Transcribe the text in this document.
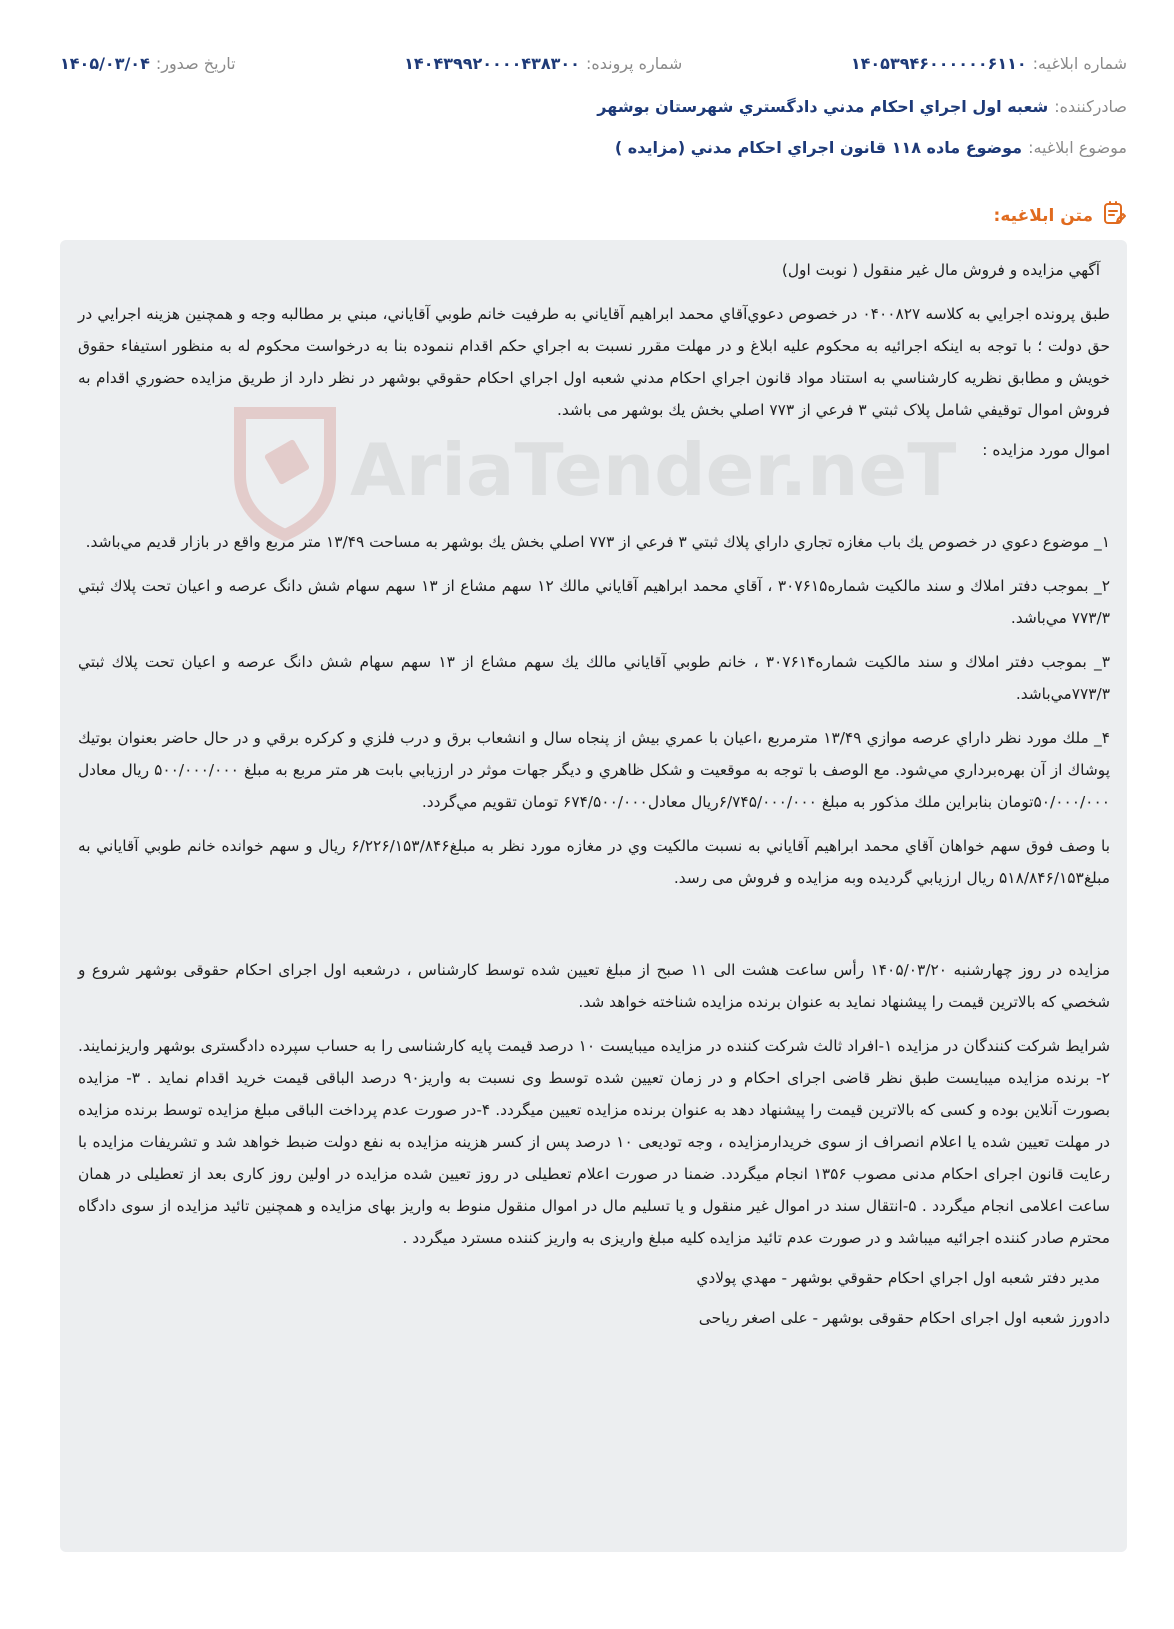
شماره ابلاغيه:
۱۴۰۵۳۹۴۶۰۰۰۰۰۰۶۱۱۰
شماره پرونده:
۱۴۰۴۳۹۹۲۰۰۰۰۴۳۸۳۰۰
تاريخ صدور:
۱۴۰۵/۰۳/۰۴
صادرکننده:
شعبه اول اجراي احکام مدني دادگستري شهرستان بوشهر
موضوع ابلاغيه:
موضوع ماده ۱۱۸ قانون اجراي احکام مدني (مزايده )
متن ابلاغيه:

آگهي مزايده و فروش مال غير منقول ( نوبت اول)

طبق پرونده اجرايي به کلاسه ۰۴۰۰۸۲۷ در خصوص دعوي‌آقاي محمد ابراهيم آقاياني به طرفيت خانم طوبي آقاياني، مبني بر مطالبه وجه و همچنين هزينه اجرايي در حق دولت ؛ با توجه به اينکه اجرائيه به محکوم عليه ابلاغ و در مهلت مقرر نسبت به اجراي حکم اقدام ننموده بنا به درخواست محکوم له به منظور استيفاء حقوق خويش و مطابق نظريه کارشناسي به استناد مواد قانون اجراي احکام مدني شعبه اول اجراي احکام حقوقي بوشهر در نظر دارد از طريق مزايده حضوري اقدام به فروش اموال توقيفي شامل پلاک ثبتي ۳ فرعي از ۷۷۳ اصلي بخش يك بوشهر مى باشد.

اموال مورد مزايده :

۱_ موضوع دعوي در خصوص يك باب مغازه تجاري داراي پلاك ثبتي ۳ فرعي از ۷۷۳ اصلي بخش يك بوشهر به مساحت ۱۳/۴۹ متر مربع واقع در بازار قديم مي‌باشد.

۲_ بموجب دفتر املاك و سند مالكيت شماره۳۰۷۶۱۵ ، آقاي محمد ابراهيم آقاياني مالك ۱۲ سهم مشاع از ۱۳ سهم سهام شش دانگ عرصه و اعيان تحت پلاك ثبتي ۷۷۳/۳ مي‌باشد.

۳_ بموجب دفتر املاك و سند مالكيت شماره۳۰۷۶۱۴ ، خانم طوبي آقاياني مالك يك سهم مشاع از ۱۳ سهم سهام شش دانگ عرصه و اعيان تحت پلاك ثبتي ۷۷۳/۳مي‌باشد.

۴_ ملك مورد نظر داراي عرصه موازي ۱۳/۴۹ مترمربع ،اعيان با عمري بيش از پنجاه سال و انشعاب برق و درب فلزي و كركره برقي و در حال حاضر بعنوان بوتيك پوشاك از آن بهره‌برداري مي‌شود. مع الوصف با توجه به موقعيت و شكل ظاهري و ديگر جهات موثر در ارزيابي بابت هر متر مربع به مبلغ ۵۰۰/۰۰۰/۰۰۰ ريال معادل ۵۰/۰۰۰/۰۰۰تومان بنابراين ملك مذكور به مبلغ ۶/۷۴۵/۰۰۰/۰۰۰ريال معادل۶۷۴/۵۰۰/۰۰۰ تومان تقويم مي‌گردد.

با وصف فوق سهم خواهان آقاي محمد ابراهيم آقاياني به نسبت مالكيت وي در مغازه مورد نظر به مبلغ۶/۲۲۶/۱۵۳/۸۴۶ ريال و سهم خوانده خانم طوبي آقاياني به مبلغ۵۱۸/۸۴۶/۱۵۳ ريال ارزيابي گرديده وبه مزايده و فروش مى رسد.

مزایده در روز چهارشنبه ۱۴۰۵/۰۳/۲۰ رأس ساعت هشت الی ۱۱ صبح از مبلغ تعیین شده توسط کارشناس ، درشعبه اول اجرای احکام حقوقی بوشهر شروع و شخصي كه بالاترين قيمت را پيشنهاد نمايد به عنوان برنده مزايده شناخته خواهد شد.

شرايط شرکت کنندگان در مزايده ۱-افراد ثالث شرکت کننده در مزايده ميبايست ۱۰ درصد قيمت پايه کارشناسی را به حساب سپرده دادگستری بوشهر واريزنمايند. ۲- برنده مزايده ميبايست طبق نظر قاضی اجرای احکام و در زمان تعيين شده توسط وی نسبت به واريز۹۰ درصد الباقی قيمت خريد اقدام نمايد . ۳- مزايده بصورت آنلاين بوده و کسی که بالاترين قيمت را پيشنهاد دهد به عنوان برنده مزايده تعيين ميگردد. ۴-در صورت عدم پرداخت الباقی مبلغ مزايده توسط برنده مزايده در مهلت تعيين شده يا اعلام انصراف از سوی خريدارمزايده ، وجه توديعی ۱۰ درصد پس از کسر هزينه مزايده به نفع دولت ضبط خواهد شد و تشريفات مزايده با رعايت قانون اجرای احکام مدنی مصوب ۱۳۵۶ انجام ميگردد. ضمنا در صورت اعلام تعطيلی در روز تعيين شده مزايده در اولين روز کاری بعد از تعطيلی در همان ساعت اعلامی انجام ميگردد . ۵-انتقال سند در اموال غير منقول و يا تسليم مال در اموال منقول منوط به واريز بهای مزايده و همچنين تائيد مزايده از سوی دادگاه محترم صادر کننده اجرائيه ميباشد و در صورت عدم تائيد مزايده کليه مبلغ واريزی به واريز کننده مسترد ميگردد .

مدير دفتر شعبه اول اجراي احكام حقوقي بوشهر - مهدي پولادي

دادورز شعبه اول اجرای احکام حقوقی بوشهر - علی اصغر رياحی
